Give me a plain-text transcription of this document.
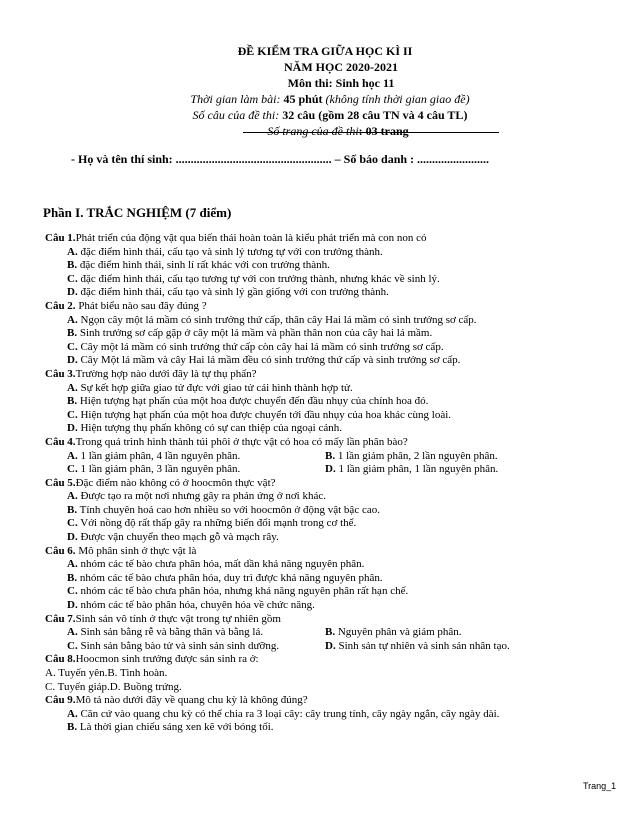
ĐỀ KIỂM TRA GIỮA HỌC KÌ II
NĂM HỌC 2020-2021
Môn thi: Sinh học 11
Thời gian làm bài: 45 phút (không tính thời gian giao đề)
Số câu của đề thi: 32 câu (gồm 28 câu TN và 4 câu TL)
Số trang của đề thi: 03 trang
- Họ và tên thí sinh: .................................................... – Số báo danh : ........................
Phần I. TRẮC NGHIỆM (7 điểm)
Câu 1.Phát triển của động vật qua biến thái hoàn toàn là kiểu phát triển mà con non có
A. đặc điểm hình thái, cấu tạo và sinh lý tương tự với con trưởng thành.
B. đặc điểm hình thái, sinh lí rất khác với con trưởng thành.
C. đặc điểm hình thái, cấu tạo tương tự với con trưởng thành, nhưng khác về sinh lý.
D. đặc điểm hình thái, cấu tạo và sinh lý gần giống với con trưởng thành.
Câu 2. Phát biểu nào sau đây đúng ?
A. Ngọn cây một lá mầm có sinh trưởng thứ cấp, thân cây Hai lá mầm có sinh trưởng sơ cấp.
B. Sinh trưởng sơ cấp gặp ở cây một lá mầm và phần thân non của cây hai lá mầm.
C. Cây một lá mầm có sinh trưởng thứ cấp còn cây hai lá mầm có sinh trưởng sơ cấp.
D. Cây Một lá mầm và cây Hai lá mầm đều có sinh trưởng thứ cấp và sinh trưởng sơ cấp.
Câu 3.Trường hợp nào dưới đây là tự thụ phấn?
A. Sự kết hợp giữa giao tử đực với giao tử cái hình thành hợp tử.
B. Hiện tượng hạt phấn của một hoa được chuyển đến đầu nhụy của chính hoa đó.
C. Hiện tượng hạt phấn của một hoa được chuyển tới đầu nhụy của hoa khác cùng loài.
D. Hiện tượng thụ phấn không có sự can thiệp của ngoại cảnh.
Câu 4.Trong quá trình hình thành túi phôi ở thực vật có hoa có mấy lần phân bào?
A. 1 lần giảm phân, 4 lần nguyên phân.	B. 1 lần giảm phân, 2 lần nguyên phân.
C. 1 lần giảm phân, 3 lần nguyên phân.	D. 1 lần giảm phân, 1 lần nguyên phân.
Câu 5.Đặc điểm nào không có ở hoocmôn thực vật?
A. Được tạo ra một nơi nhưng gây ra phản ứng ở nơi khác.
B. Tính chuyên hoá cao hơn nhiều so với hoocmôn ở động vật bậc cao.
C. Với nồng độ rất thấp gây ra những biến đổi mạnh trong cơ thể.
D. Được vận chuyển theo mạch gỗ và mạch rây.
Câu 6. Mô phân sinh ở thực vật là
A. nhóm các tế bào chưa phân hóa, mất dần khả năng nguyên phân.
B. nhóm các tế bào chưa phân hóa, duy trì được khả năng nguyên phân.
C. nhóm các tế bào chưa phân hóa, nhưng khả năng nguyên phân rất hạn chế.
D. nhóm các tế bào phân hóa, chuyên hóa về chức năng.
Câu 7.Sinh sản vô tính ở thực vật trong tự nhiên gồm
A. Sinh sản bằng rễ và bằng thân và bằng lá.	B. Nguyên phân và giảm phân.
C. Sinh sản bằng bào tử và sinh sản sinh dưỡng.	D. Sinh sản tự nhiên và sinh sản nhân tạo.
Câu 8.Hoocmon sinh trưởng được sản sinh ra ở:
A. Tuyến yên.B. Tinh hoàn.
C. Tuyến giáp.D. Buồng trứng.
Câu 9.Mô tả nào dưới đây về quang chu kỳ là không đúng?
A. Căn cứ vào quang chu kỳ có thể chia ra 3 loại cây: cây trung tính, cây ngày ngắn, cây ngày dài.
B. Là thời gian chiếu sáng xen kẽ với bóng tối.
Trang_1
